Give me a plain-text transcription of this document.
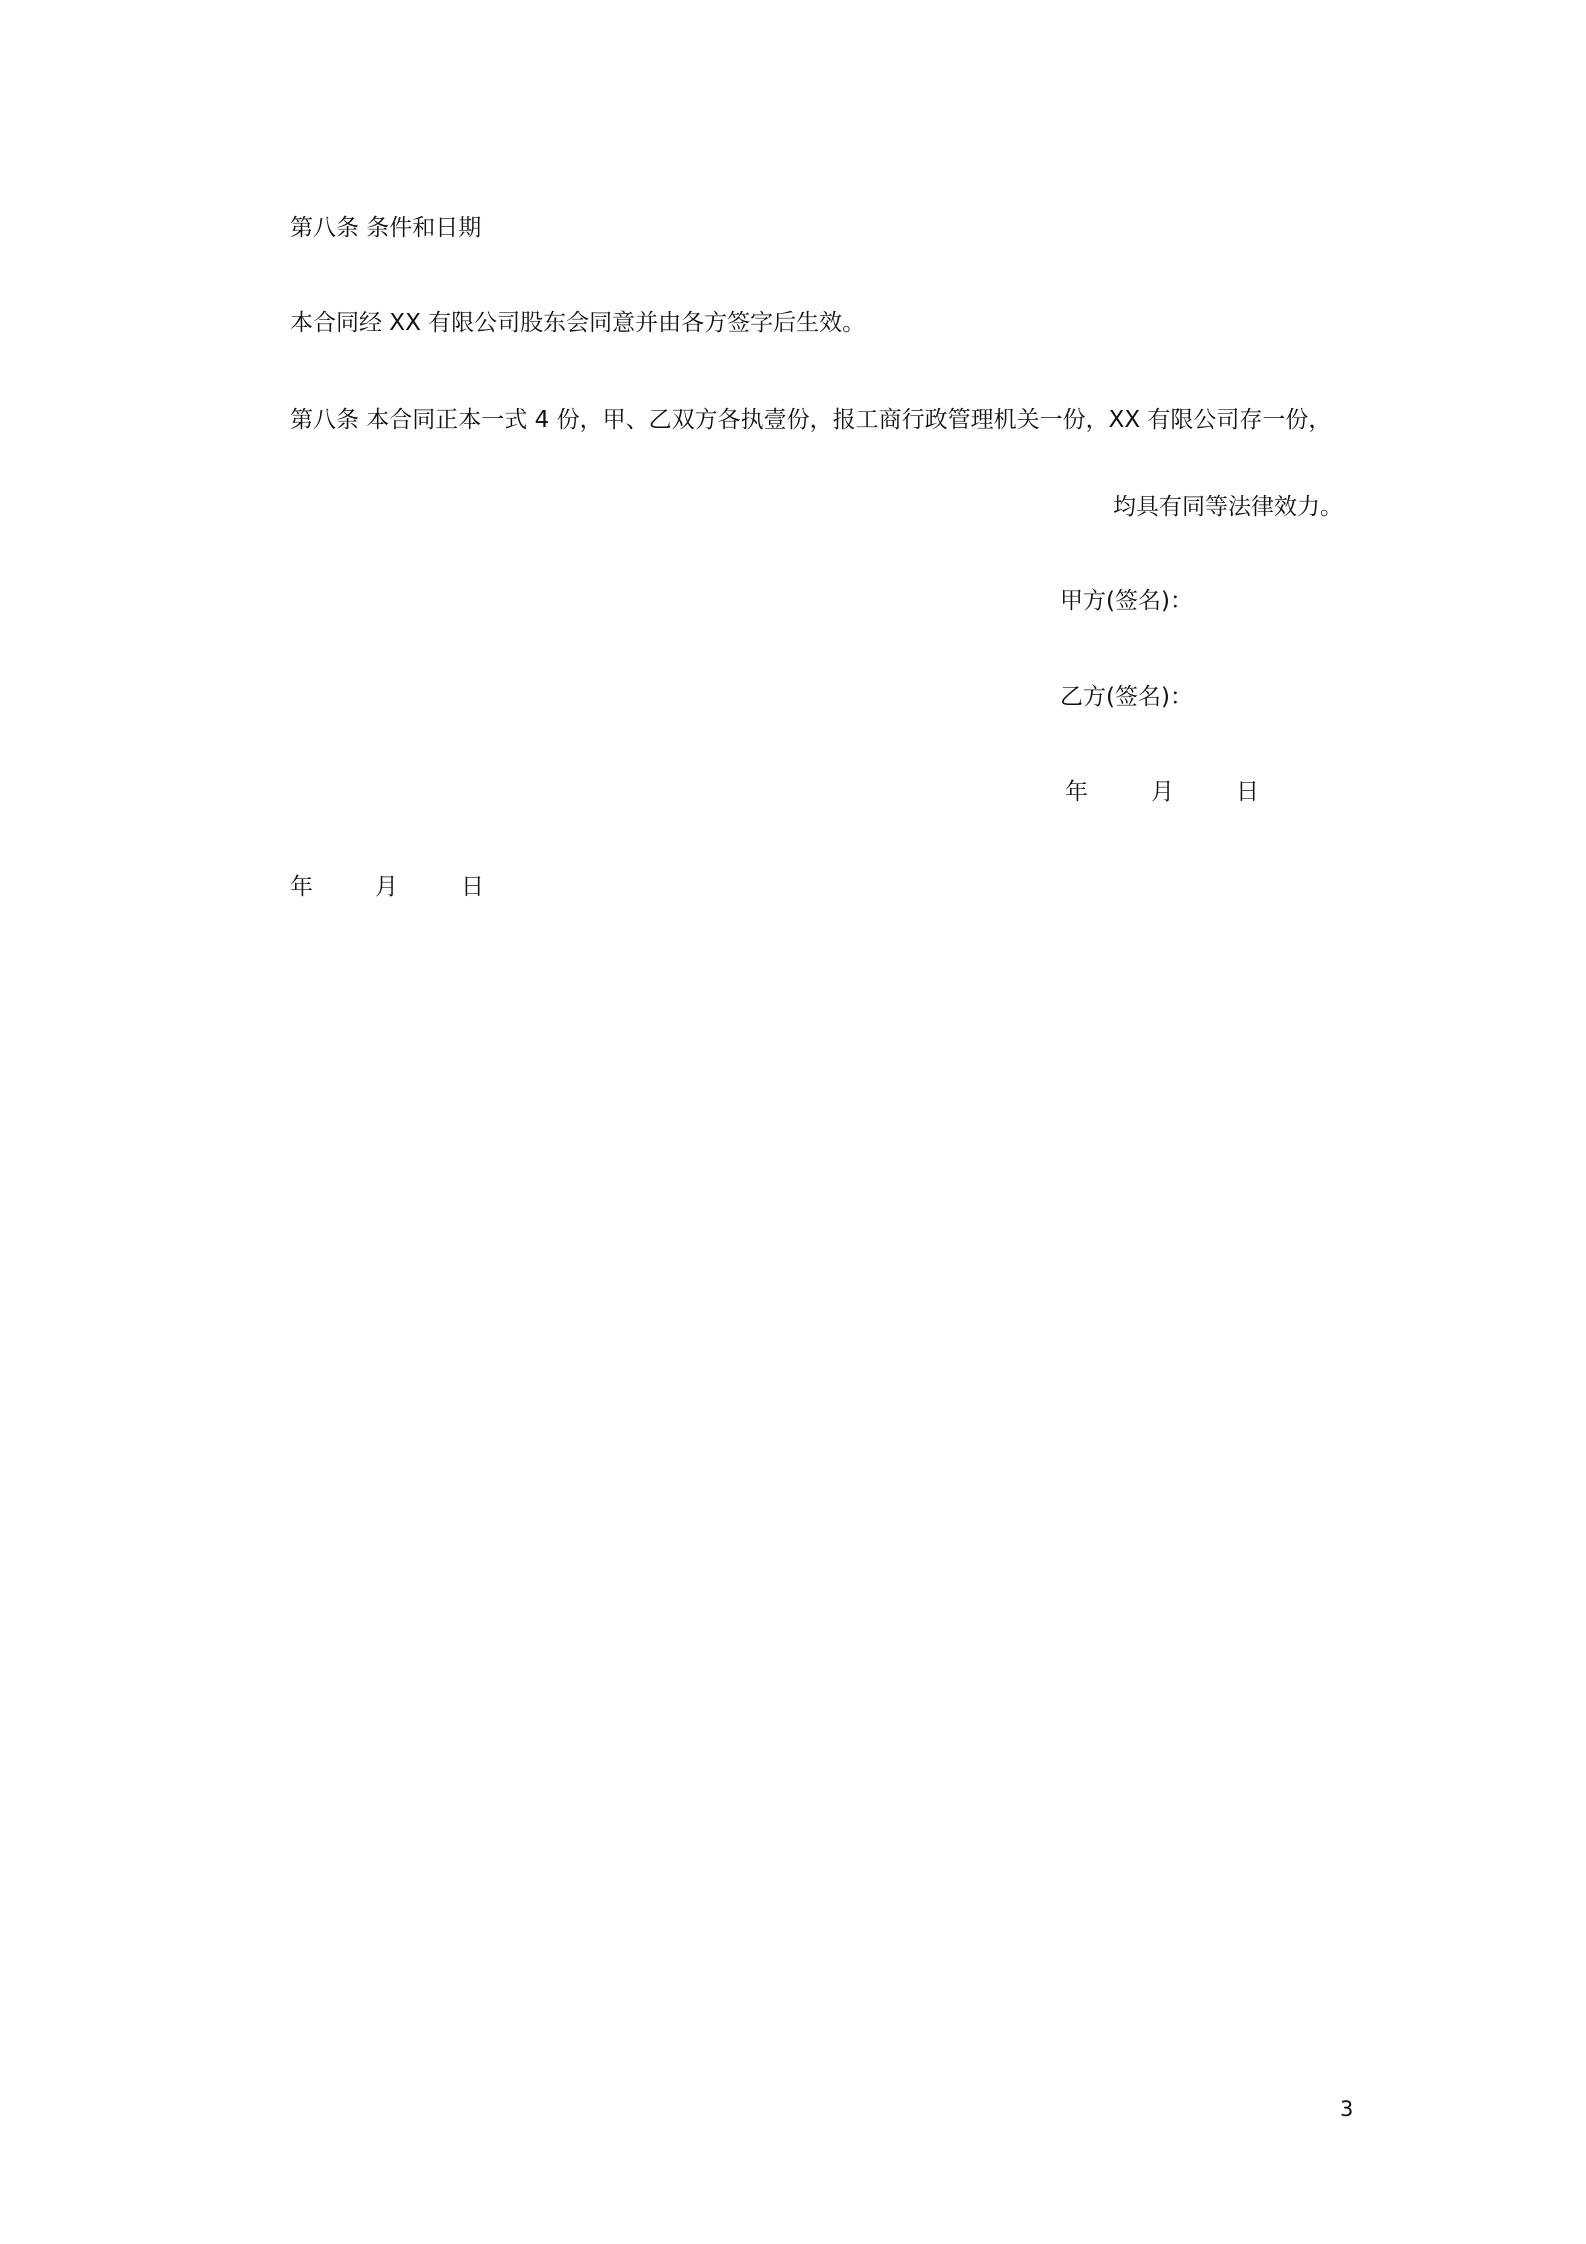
第八条 条件和日期
本合同经 XX 有限公司股东会同意并由各方签字后生效。
第八条 本合同正本一式 4 份，甲、乙双方各执壹份，报工商行政管理机关一份，XX 有限公司存一份，
均具有同等法律效力。
甲方(签名)：
乙方(签名)：
年	月	日
年	月	日
3
